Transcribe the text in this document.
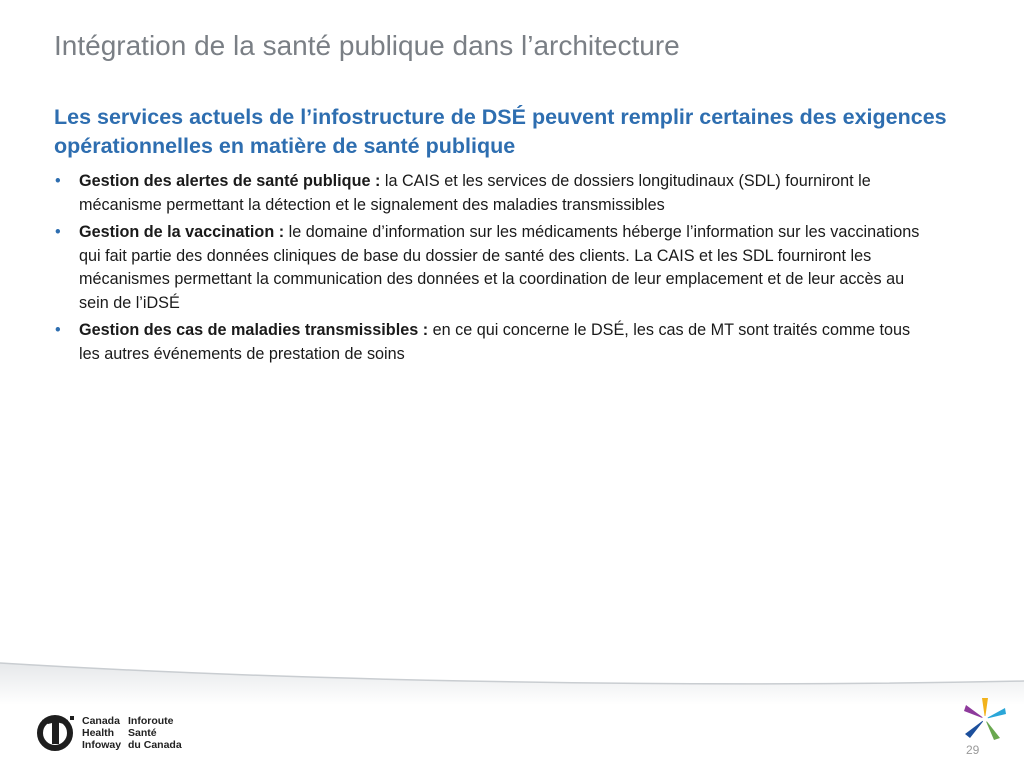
Intégration de la santé publique dans l’architecture
Les services actuels de l’infostructure de DSÉ peuvent remplir certaines des exigences opérationnelles en matière de santé publique
• Gestion des alertes de santé publique : la CAIS et les services de dossiers longitudinaux (SDL) fourniront le mécanisme permettant la détection et le signalement des maladies transmissibles
• Gestion de la vaccination : le domaine d’information sur les médicaments héberge l’information sur les vaccinations qui fait partie des données cliniques de base du dossier de santé des clients. La CAIS et les SDL fourniront les mécanismes permettant la communication des données et la coordination de leur emplacement et de leur accès au sein de l’iDSÉ
• Gestion des cas de maladies transmissibles : en ce qui concerne le DSÉ, les cas de MT sont traités comme tous les autres événements de prestation de soins
Canada
Health
Infoway
Inforoute
Santé
du Canada	29
